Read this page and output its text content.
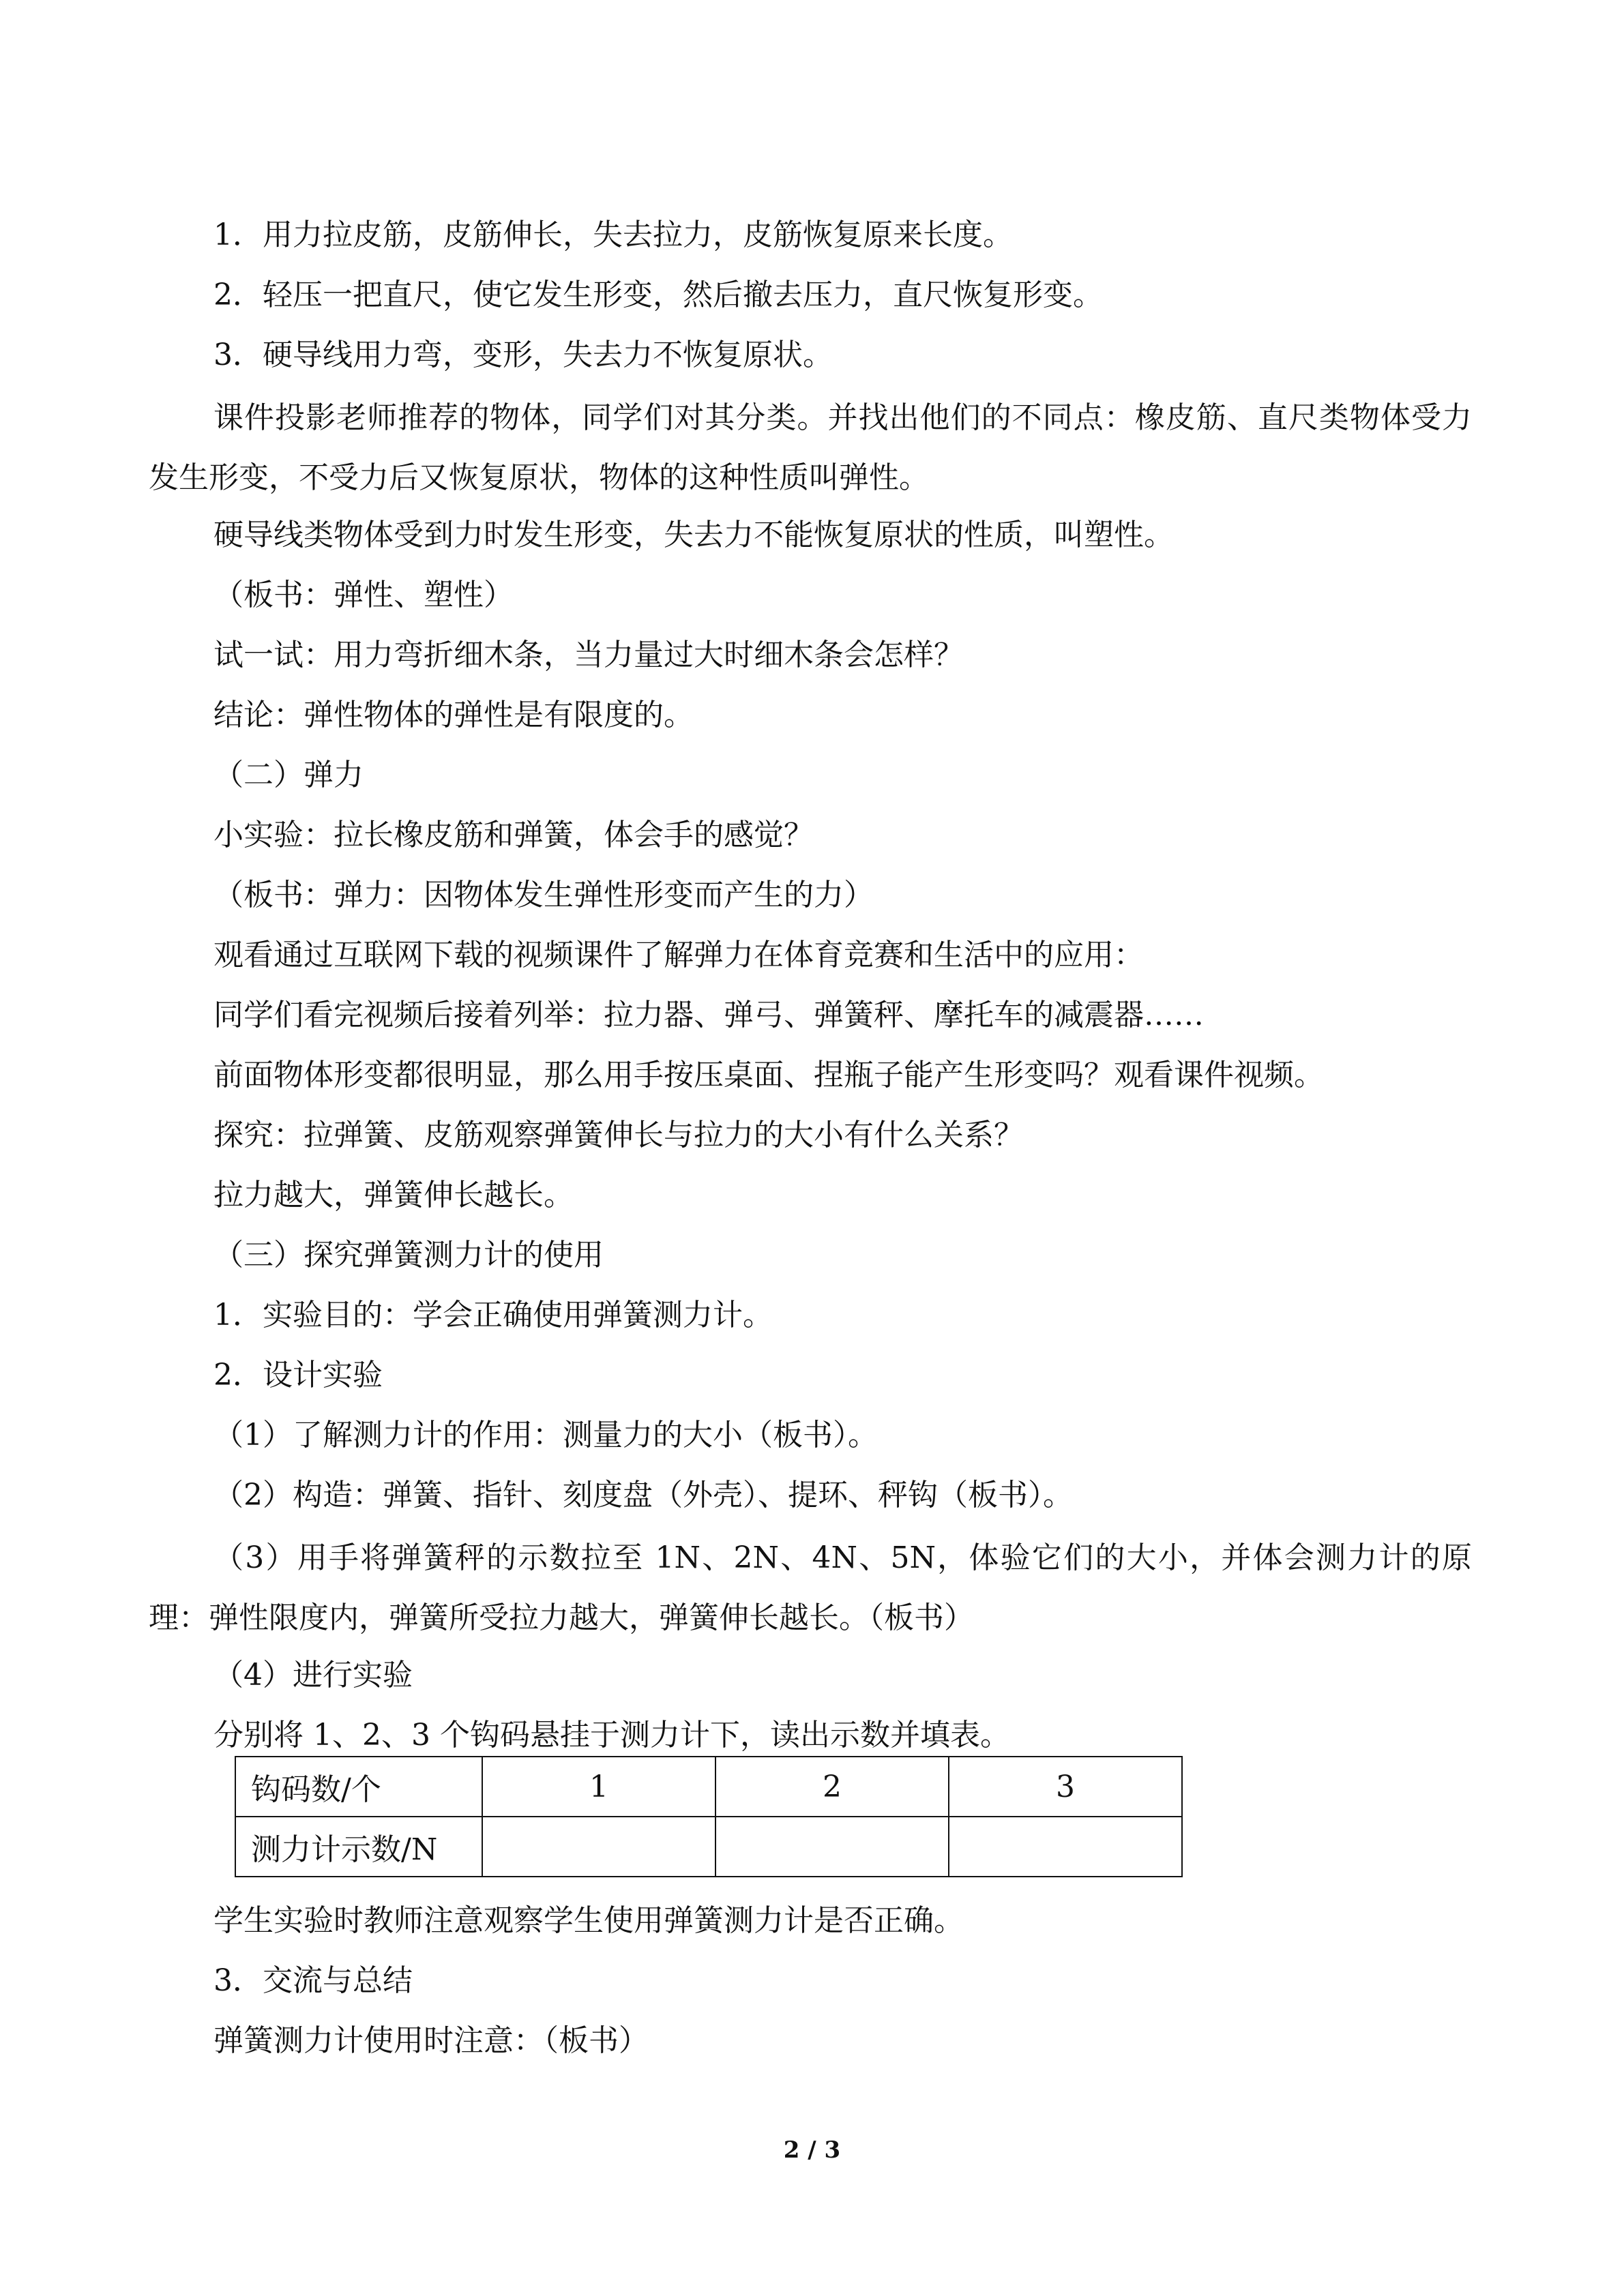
1．用力拉皮筋，皮筋伸长，失去拉力，皮筋恢复原来长度。
2．轻压一把直尺，使它发生形变，然后撤去压力，直尺恢复形变。
3．硬导线用力弯，变形，失去力不恢复原状。
课件投影老师推荐的物体，同学们对其分类。并找出他们的不同点：橡皮筋、直尺类物体受力发生形变，不受力后又恢复原状，物体的这种性质叫弹性。
硬导线类物体受到力时发生形变，失去力不能恢复原状的性质，叫塑性。
（板书：弹性、塑性）
试一试：用力弯折细木条，当力量过大时细木条会怎样？
结论：弹性物体的弹性是有限度的。
（二）弹力
小实验：拉长橡皮筋和弹簧，体会手的感觉？
（板书：弹力：因物体发生弹性形变而产生的力）
观看通过互联网下载的视频课件了解弹力在体育竞赛和生活中的应用：
同学们看完视频后接着列举：拉力器、弹弓、弹簧秤、摩托车的减震器……
前面物体形变都很明显，那么用手按压桌面、捏瓶子能产生形变吗？观看课件视频。
探究：拉弹簧、皮筋观察弹簧伸长与拉力的大小有什么关系？
拉力越大，弹簧伸长越长。
（三）探究弹簧测力计的使用
1．实验目的：学会正确使用弹簧测力计。
2．设计实验
（1）了解测力计的作用：测量力的大小（板书）。
（2）构造：弹簧、指针、刻度盘（外壳）、提环、秤钩（板书）。
（3）用手将弹簧秤的示数拉至 1N、2N、4N、5N，体验它们的大小，并体会测力计的原理：弹性限度内，弹簧所受拉力越大，弹簧伸长越长。（板书）
（4）进行实验
分别将 1、2、3 个钩码悬挂于测力计下，读出示数并填表。
钩码数/个	1	2	3
测力计示数/N			
学生实验时教师注意观察学生使用弹簧测力计是否正确。
3．交流与总结
弹簧测力计使用时注意：（板书）
2 / 3
